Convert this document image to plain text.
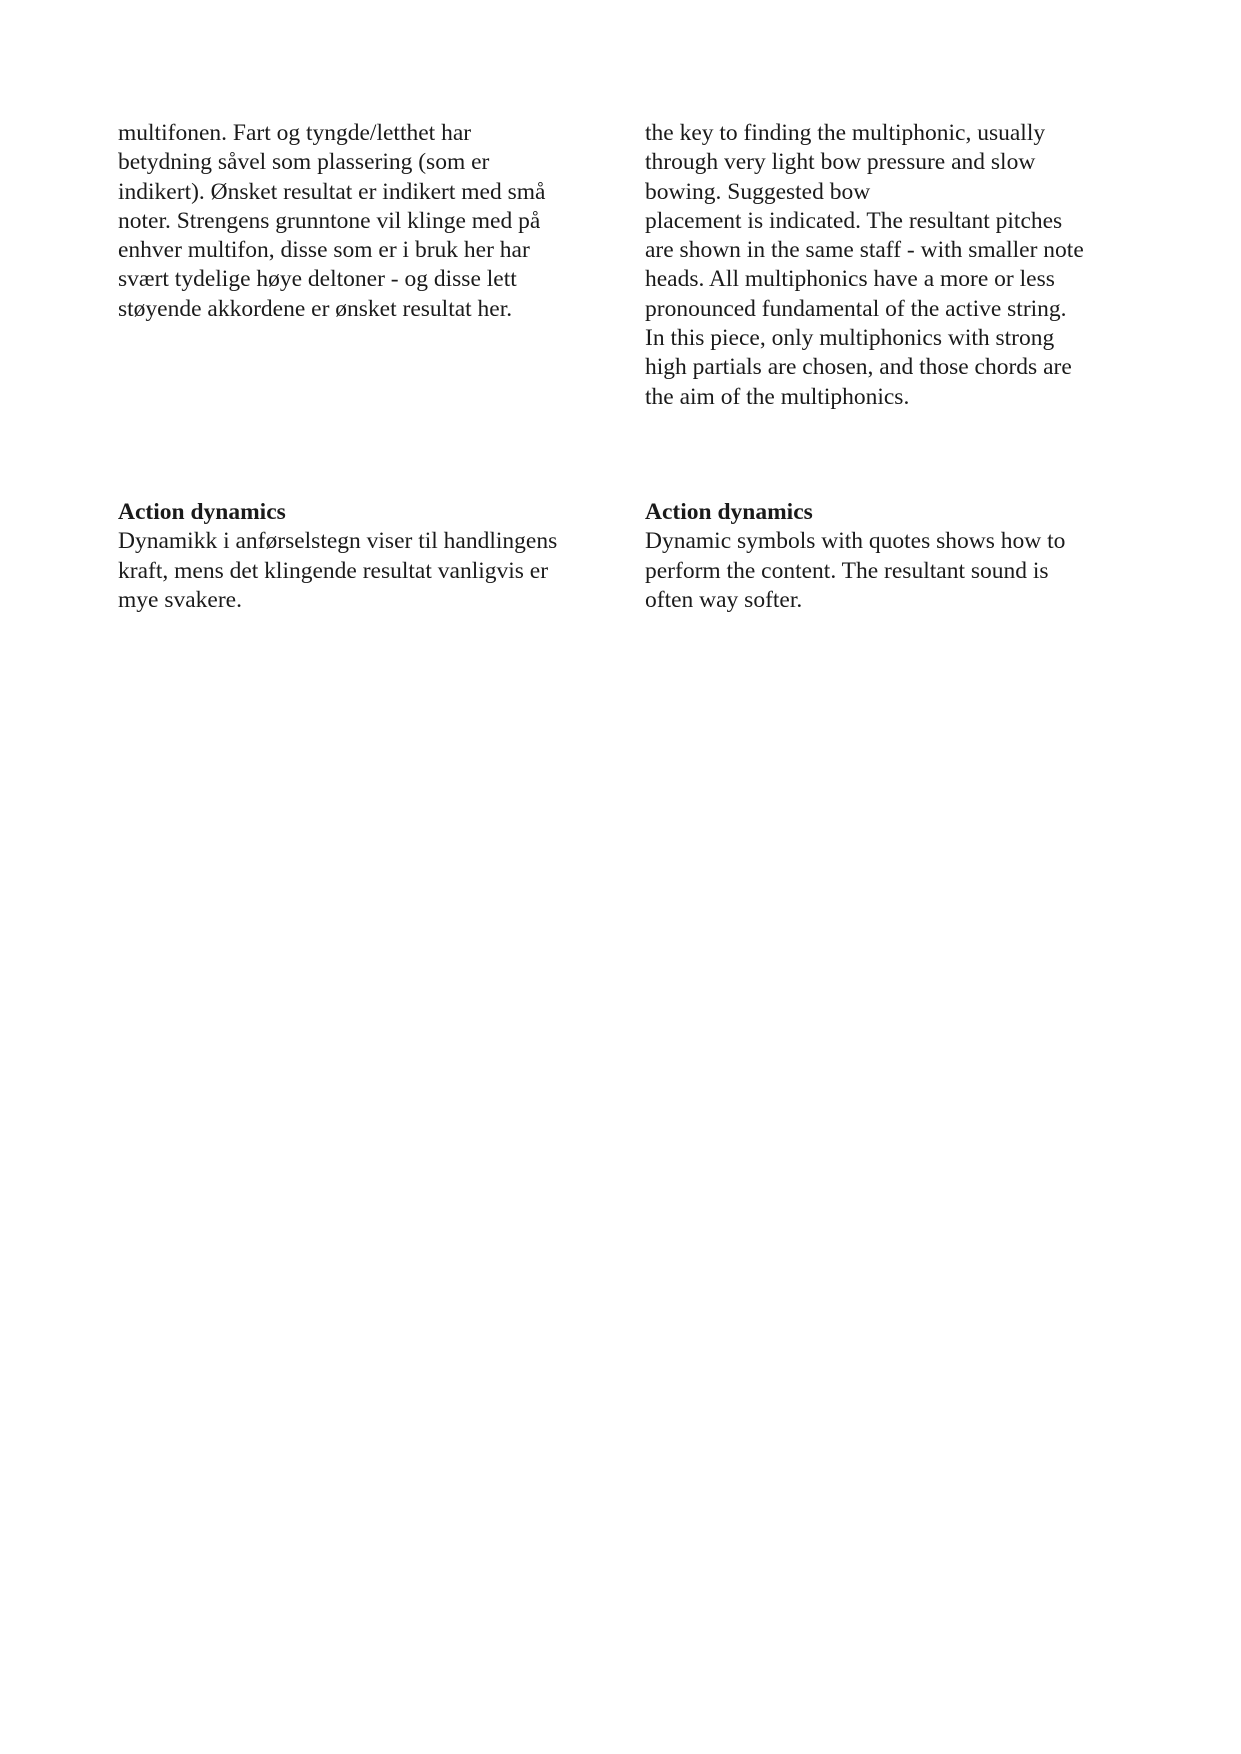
multifonen. Fart og tyngde/letthet har
betydning såvel som plassering (som er
indikert). Ønsket resultat er indikert med små
noter. Strengens grunntone vil klinge med på
enhver multifon, disse som er i bruk her har
svært tydelige høye deltoner - og disse lett
støyende akkordene er ønsket resultat her.
the key to finding the multiphonic, usually
through very light bow pressure and slow
bowing. Suggested bow
placement is indicated. The resultant pitches
are shown in the same staff - with smaller note
heads. All multiphonics have a more or less
pronounced fundamental of the active string.
In this piece, only multiphonics with strong
high partials are chosen, and those chords are
the aim of the multiphonics.
Action dynamics
Dynamikk i anførselstegn viser til handlingens
kraft, mens det klingende resultat vanligvis er
mye svakere.
Action dynamics
Dynamic symbols with quotes shows how to
perform the content. The resultant sound is
often way softer.
